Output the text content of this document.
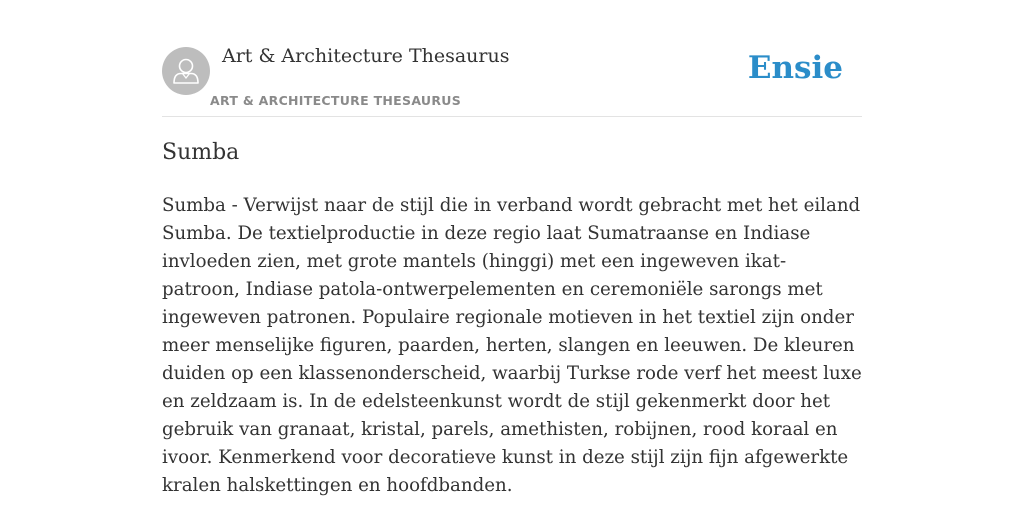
Art & Architecture Thesaurus
ART & ARCHITECTURE THESAURUS
Ensie
Sumba

Sumba - Verwijst naar de stijl die in verband wordt gebracht met het eiland Sumba. De textielproductie in deze regio laat Sumatraanse en Indiase invloeden zien, met grote mantels (hinggi) met een ingeweven ikat-patroon, Indiase patola-ontwerpelementen en ceremoniële sarongs met ingeweven patronen. Populaire regionale motieven in het textiel zijn onder meer menselijke figuren, paarden, herten, slangen en leeuwen. De kleuren duiden op een klassenonderscheid, waarbij Turkse rode verf het meest luxe en zeldzaam is. In de edelsteenkunst wordt de stijl gekenmerkt door het gebruik van granaat, kristal, parels, amethisten, robijnen, rood koraal en ivoor. Kenmerkend voor decoratieve kunst in deze stijl zijn fijn afgewerkte kralen halskettingen en hoofdbanden.
